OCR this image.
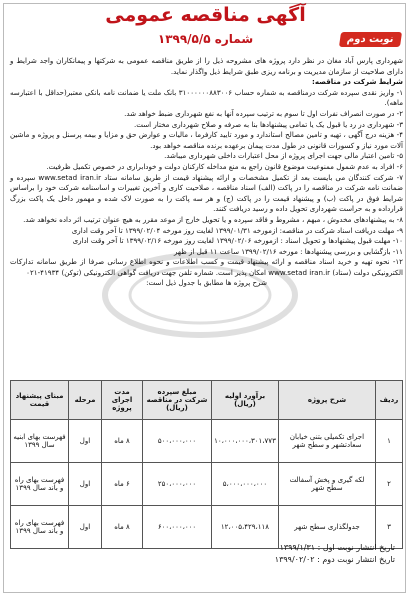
آگهی مناقصه عمومی
شماره ۱۳۹۹/۵/۵	نوبت دوم

شهرداری پارس آباد مغان در نظر دارد پروژه های مشروحه ذیل را از طریق مناقصه عمومی به شرکتها و پیمانکاران واجد شرایط و دارای صلاحیت از سازمان مدیریت و برنامه ریزی طبق شرایط ذیل واگذار نماید.

شرایط شرکت در مناقصه:

۱- واریز نقدی سپرده شرکت درمناقصه به شماره حساب ۳۱۰۰۰۰۰۰۸۸۳۰۰۶ بانک ملت یا ضمانت نامه بانکی معتبر(حداقل با اعتبارسه ماهه).

۲- در صورت انصراف نفرات اول تا سوم به ترتیب سپرده آنها به نفع شهرداری ضبط خواهد شد.

۳- شهرداری در رد یا قبول یک یا تمامی پیشنهادها بنا به صرفه و صلاح شهرداری مختار است.

۴- هزینه درج آگهی ، تهیه و تامین مصالح استاندارد و مورد تایید کارفرما ، مالیات و عوارض حق و مزایا و بیمه پرسنل و پروژه و ماشین آلات مورد نیاز و کسورات قانونی در طول مدت پیمان برعهده برنده مناقصه خواهد بود.

۵- تامین اعتبار مالی جهت اجرای پروژه از محل اعتبارات داخلی شهرداری میباشد.

۶- افراد به عدم شمول ممنوعیت موضوع قانون راجع به منع مداخله کارکنان دولت و خودابراری در خصوص تکمیل ظرفیت.

۷- شرکت کنندگان می بایست بعد از تکمیل مشخصات و ارائه پیشنهاد قیمت از طریق سامانه ستاد www.setad iran.ir سپرده و ضمانت نامه شرکت در مناقصه را در پاکت (الف) اسناد مناقصه ، صلاحیت کاری و آخرین تغییرات و اساسنامه شرکت خود را براساس شرایط فوق در پاکت (ب) و پیشنهاد قیمت را در پاکت (ج) و هر سه پاکت را به صورت لاک شده و مهمور داخل یک پاکت بزرگ قرارداده و به حراست شهرداری تحویل داده و رسید دریافت کنند.

۸- به پیشنهادهای مخدوش ، مبهم ، مشروط و فاقد سپرده و یا تحویل خارج از موعد مقرر به هیچ عنوان ترتیب اثر داده نخواهد شد.

۹- مهلت دریافت اسناد شرکت در مناقصه: ازمورخه ۱۳۹۹/۰۱/۳۱ لغایت روز مورخه ۱۳۹۹/۰۲/۰۴ تا آخر وقت اداری

۱۰- مهلت قبول پیشنهادها و تحویل اسناد : ازمورخه ۱۳۹۹/۰۲/۰۶ لغایت روز مورخه ۱۳۹۹/۰۲/۱۶ تا آخر وقت اداری

۱۱- بازگشایی و بررسی پیشنهادها : مورخه ۱۳۹۹/۰۲/۱۶ ساعت ۱۱ قبل از ظهر

۱۲- نحوه تهیه و خرید اسناد مناقصه و ارائه پیشنهاد قیمت و کسب اطلاعات و نحوه اطلاع رسانی صرفا از طریق سامانه تدارکات الکترونیکی دولت (ستاد) www.setad iran.ir امکان پذیر است. شماره تلفن جهت دریافت گواهی الکترونیکی (توکن) ۴۱۹۳۴-۰۲۱

شرح پروژه ها مطابق با جدول ذیل است:

ردیف	شرح پروژه	برآورد اولیه (ریال)	مبلغ سپرده شرکت در مناقصه (ریال)	مدت اجرای پروژه	مرحله	مبنای پیشنهاد قیمت
۱	اجرای تکمیلی بتنی خیابان سعادتشهر و سطح شهر	۱۰،۰۰۰،۰۰۰،۳۰۱،۷۷۳	۵۰۰،۰۰۰،۰۰۰	۸ ماه	اول	فهرست بهای ابنیه سال ۱۳۹۹
۲	لکه گیری و پخش آسفالت سطح شهر	۵،۰۰۰،۰۰۰،۰۰۰	۲۵۰،۰۰۰،۰۰۰	۶ ماه	اول	فهرست بهای راه و باند سال ۱۳۹۹
۳	جدولگذاری سطح شهر	۱۲،۰۰۵،۴۲۹،۱۱۸	۶۰۰،۰۰۰،۰۰۰	۸ ماه	اول	فهرست بهای راه و باند سال ۱۳۹۹
تاریخ انتشار نوبت اول : ۱۳۹۹/۱/۳۱
تاریخ انتشار نوبت دوم : ۱۳۹۹/۰۲/۰۲
